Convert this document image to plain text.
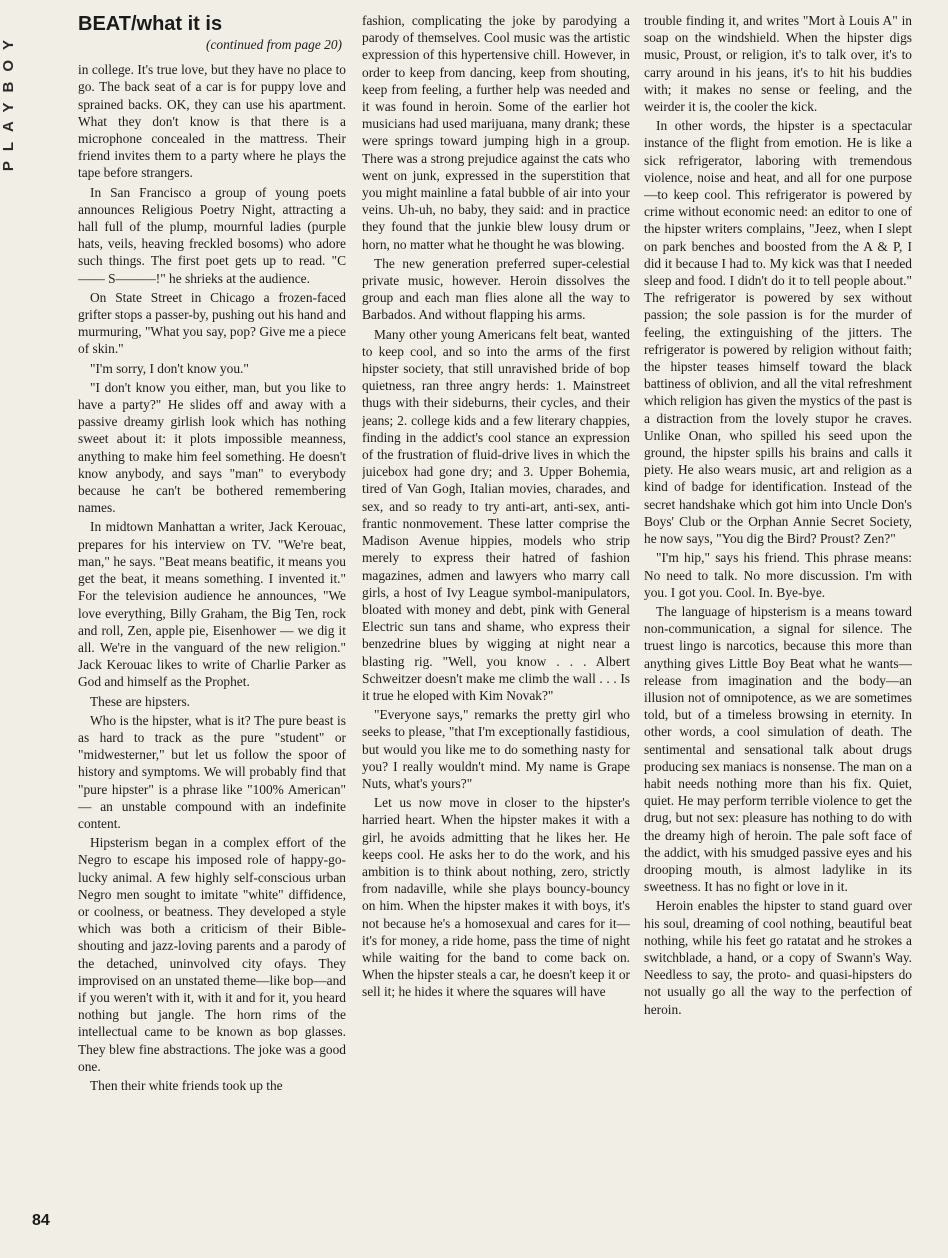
PLAYBOY
BEAT/what it is
(continued from page 20)

in college. It's true love, but they have no place to go. The back seat of a car is for puppy love and sprained backs. OK, they can use his apartment. What they don't know is that there is a microphone concealed in the mattress. Their friend invites them to a party where he plays the tape before strangers.

In San Francisco a group of young poets announces Religious Poetry Night, attracting a hall full of the plump, mournful ladies (purple hats, veils, heaving freckled bosoms) who adore such things. The first poet gets up to read. "C—— S———!" he shrieks at the audience.

On State Street in Chicago a frozen-faced grifter stops a passer-by, pushing out his hand and murmuring, "What you say, pop? Give me a piece of skin."

"I'm sorry, I don't know you."

"I don't know you either, man, but you like to have a party?" He slides off and away with a passive dreamy girlish look which has nothing sweet about it: it plots impossible meanness, anything to make him feel something. He doesn't know anybody, and says "man" to everybody because he can't be bothered remembering names.

In midtown Manhattan a writer, Jack Kerouac, prepares for his interview on TV. "We're beat, man," he says. "Beat means beatific, it means you get the beat, it means something. I invented it." For the television audience he announces, "We love everything, Billy Graham, the Big Ten, rock and roll, Zen, apple pie, Eisenhower — we dig it all. We're in the vanguard of the new religion." Jack Kerouac likes to write of Charlie Parker as God and himself as the Prophet.

These are hipsters.

Who is the hipster, what is it? The pure beast is as hard to track as the pure "student" or "midwesterner," but let us follow the spoor of history and symptoms. We will probably find that "pure hipster" is a phrase like "100% American" — an unstable compound with an indefinite content.

Hipsterism began in a complex effort of the Negro to escape his imposed role of happy-go-lucky animal. A few highly self-conscious urban Negro men sought to imitate "white" diffidence, or coolness, or beatness. They developed a style which was both a criticism of their Bible-shouting and jazz-loving parents and a parody of the detached, uninvolved city ofays. They improvised on an unstated theme—like bop—and if you weren't with it, with it and for it, you heard nothing but jangle. The horn rims of the intellectual came to be known as bop glasses. They blew fine abstractions. The joke was a good one.

Then their white friends took up the

fashion, complicating the joke by parodying a parody of themselves. Cool music was the artistic expression of this hypertensive chill. However, in order to keep from dancing, keep from shouting, keep from feeling, a further help was needed and it was found in heroin. Some of the earlier hot musicians had used marijuana, many drank; these were springs toward jumping high in a group. There was a strong prejudice against the cats who went on junk, expressed in the superstition that you might mainline a fatal bubble of air into your veins. Uh-uh, no baby, they said: and in practice they found that the junkie blew lousy drum or horn, no matter what he thought he was blowing.

The new generation preferred super-celestial private music, however. Heroin dissolves the group and each man flies alone all the way to Barbados. And without flapping his arms.

Many other young Americans felt beat, wanted to keep cool, and so into the arms of the first hipster society, that still unravished bride of bop quietness, ran three angry herds: 1. Mainstreet thugs with their sideburns, their cycles, and their jeans; 2. college kids and a few literary chappies, finding in the addict's cool stance an expression of the frustration of fluid-drive lives in which the juicebox had gone dry; and 3. Upper Bohemia, tired of Van Gogh, Italian movies, charades, and sex, and so ready to try anti-art, anti-sex, anti-frantic nonmovement. These latter comprise the Madison Avenue hippies, models who strip merely to express their hatred of fashion magazines, admen and lawyers who marry call girls, a host of Ivy League symbol-manipulators, bloated with money and debt, pink with General Electric sun tans and shame, who express their benzedrine blues by wigging at night near a blasting rig. "Well, you know . . . Albert Schweitzer doesn't make me climb the wall . . . Is it true he eloped with Kim Novak?"

"Everyone says," remarks the pretty girl who seeks to please, "that I'm exceptionally fastidious, but would you like me to do something nasty for you? I really wouldn't mind. My name is Grape Nuts, what's yours?"

Let us now move in closer to the hipster's harried heart. When the hipster makes it with a girl, he avoids admitting that he likes her. He keeps cool. He asks her to do the work, and his ambition is to think about nothing, zero, strictly from nadaville, while she plays bouncy-bouncy on him. When the hipster makes it with boys, it's not because he's a homosexual and cares for it—it's for money, a ride home, pass the time of night while waiting for the band to come back on. When the hipster steals a car, he doesn't keep it or sell it; he hides it where the squares will have

trouble finding it, and writes "Mort à Louis A" in soap on the windshield. When the hipster digs music, Proust, or religion, it's to talk over, it's to carry around in his jeans, it's to hit his buddies with; it makes no sense or feeling, and the weirder it is, the cooler the kick.

In other words, the hipster is a spectacular instance of the flight from emotion. He is like a sick refrigerator, laboring with tremendous violence, noise and heat, and all for one purpose—to keep cool. This refrigerator is powered by crime without economic need: an editor to one of the hipster writers complains, "Jeez, when I slept on park benches and boosted from the A & P, I did it because I had to. My kick was that I needed sleep and food. I didn't do it to tell people about." The refrigerator is powered by sex without passion; the sole passion is for the murder of feeling, the extinguishing of the jitters. The refrigerator is powered by religion without faith; the hipster teases himself toward the black battiness of oblivion, and all the vital refreshment which religion has given the mystics of the past is a distraction from the lovely stupor he craves. Unlike Onan, who spilled his seed upon the ground, the hipster spills his brains and calls it piety. He also wears music, art and religion as a kind of badge for identification. Instead of the secret handshake which got him into Uncle Don's Boys' Club or the Orphan Annie Secret Society, he now says, "You dig the Bird? Proust? Zen?"

"I'm hip," says his friend. This phrase means: No need to talk. No more discussion. I'm with you. I got you. Cool. In. Bye-bye.

The language of hipsterism is a means toward non-communication, a signal for silence. The truest lingo is narcotics, because this more than anything gives Little Boy Beat what he wants—release from imagination and the body—an illusion not of omnipotence, as we are sometimes told, but of a timeless browsing in eternity. In other words, a cool simulation of death. The sentimental and sensational talk about drugs producing sex maniacs is nonsense. The man on a habit needs nothing more than his fix. Quiet, quiet. He may perform terrible violence to get the drug, but not sex: pleasure has nothing to do with the dreamy high of heroin. The pale soft face of the addict, with his smudged passive eyes and his drooping mouth, is almost ladylike in its sweetness. It has no fight or love in it.

Heroin enables the hipster to stand guard over his soul, dreaming of cool nothing, beautiful beat nothing, while his feet go ratatat and he strokes a switchblade, a hand, or a copy of Swann's Way. Needless to say, the proto- and quasi-hipsters do not usually go all the way to the perfection of heroin.

84
